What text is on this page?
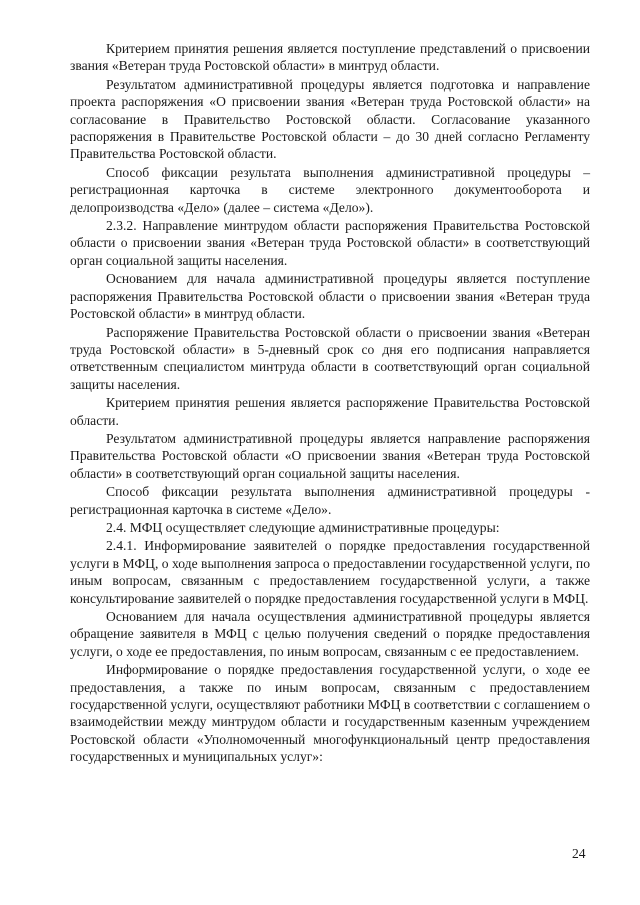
Критерием принятия решения является поступление представлений о присвоении звания «Ветеран труда Ростовской области» в минтруд области.

Результатом административной процедуры является подготовка и направление проекта распоряжения «О присвоении звания «Ветеран труда Ростовской области» на согласование в Правительство Ростовской области. Согласование указанного распоряжения в Правительстве Ростовской области – до 30 дней согласно Регламенту Правительства Ростовской области.

Способ фиксации результата выполнения административной процедуры – регистрационная карточка в системе электронного документооборота и делопроизводства «Дело» (далее – система «Дело»).

2.3.2. Направление минтрудом области распоряжения Правительства Ростовской области о присвоении звания «Ветеран труда Ростовской области» в соответствующий орган социальной защиты населения.

Основанием для начала административной процедуры является поступление распоряжения Правительства Ростовской области о присвоении звания «Ветеран труда Ростовской области» в минтруд области.

Распоряжение Правительства Ростовской области о присвоении звания «Ветеран труда Ростовской области» в 5-дневный срок со дня его подписания направляется ответственным специалистом минтруда области в соответствующий орган социальной защиты населения.

Критерием принятия решения является распоряжение Правительства Ростовской области.

Результатом административной процедуры является направление распоряжения Правительства Ростовской области «О присвоении звания «Ветеран труда Ростовской области» в соответствующий орган социальной защиты населения.

Способ фиксации результата выполнения административной процедуры - регистрационная карточка в системе «Дело».

2.4. МФЦ осуществляет следующие административные процедуры:

2.4.1. Информирование заявителей о порядке предоставления государственной услуги в МФЦ, о ходе выполнения запроса о предоставлении государственной услуги, по иным вопросам, связанным с предоставлением государственной услуги, а также консультирование заявителей о порядке предоставления государственной услуги в МФЦ.

Основанием для начала осуществления административной процедуры является обращение заявителя в МФЦ с целью получения сведений о порядке предоставления услуги, о ходе ее предоставления, по иным вопросам, связанным с ее предоставлением.

Информирование о порядке предоставления государственной услуги, о ходе ее предоставления, а также по иным вопросам, связанным с предоставлением государственной услуги, осуществляют работники МФЦ в соответствии с соглашением о взаимодействии между минтрудом области и государственным казенным учреждением Ростовской области «Уполномоченный многофункциональный центр предоставления государственных и муниципальных услуг»:

24
